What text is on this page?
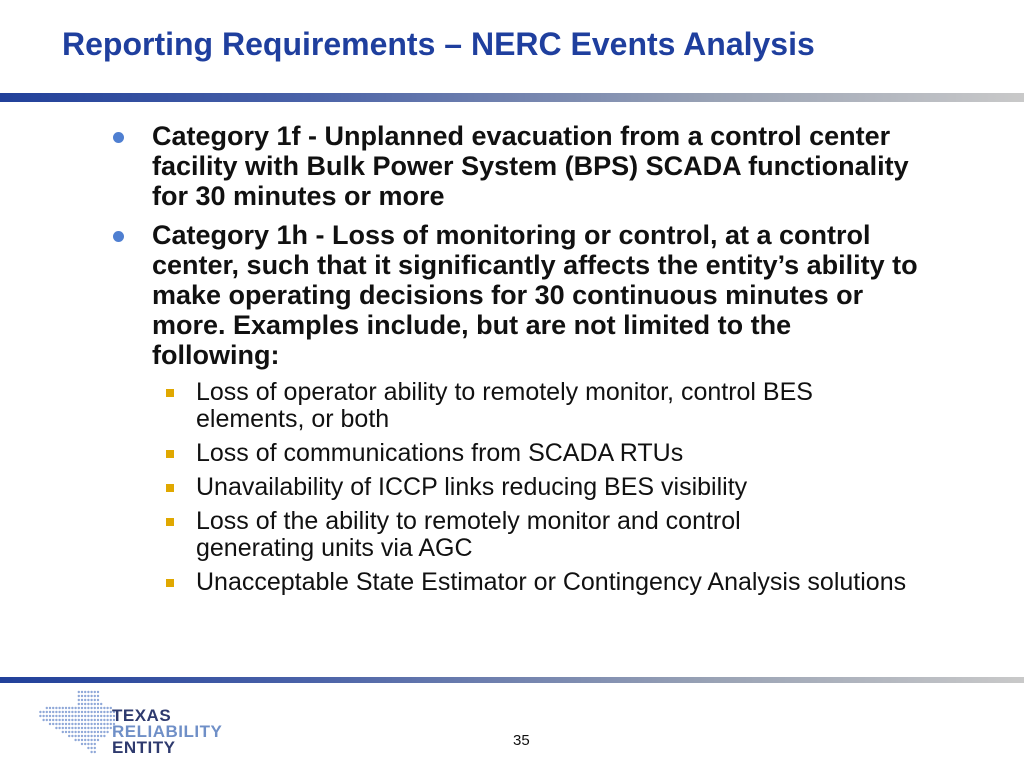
Reporting Requirements – NERC Events Analysis
Category 1f - Unplanned evacuation from a control center facility with Bulk Power System (BPS) SCADA functionality for 30 minutes or more
Category 1h - Loss of monitoring or control, at a control center, such that it significantly affects the entity’s ability to make operating decisions for 30 continuous minutes or more. Examples include, but are not limited to the following:
Loss of operator ability to remotely monitor, control BES elements, or both
Loss of communications from SCADA RTUs
Unavailability of ICCP links reducing BES visibility
Loss of the ability to remotely monitor and control generating units via AGC
Unacceptable State Estimator or Contingency Analysis solutions
TEXAS
RELIABILITY
ENTITY	35
